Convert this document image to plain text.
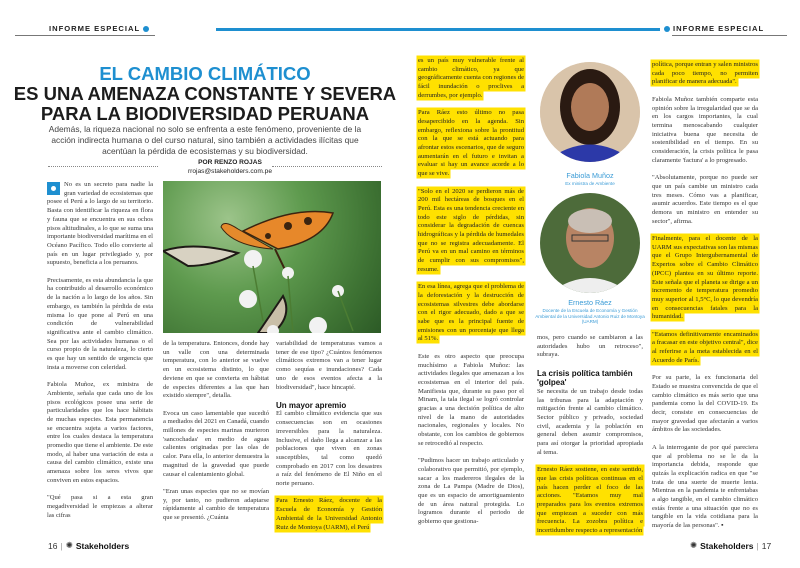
INFORME ESPECIAL	INFORME ESPECIAL
EL CAMBIO CLIMÁTICO
ES UNA AMENAZA CONSTANTE Y SEVERA
PARA LA BIODIVERSIDAD PERUANA
Además, la riqueza nacional no solo se enfrenta a este fenómeno, proveniente de la acción indirecta humana o del curso natural, sino también a actividades ilícitas que acentúan la pérdida de ecosistemas y su biodiversidad.
POR RENZO ROJAS
rrojas@stakeholders.com.pe	Fabiola Muñoz
Ex ministra de Ambiente
Ernesto Ráez
Docente de la Escuela de Economía y Gestión Ambiental de la Universidad Antonio Ruiz de Montoya (UARM)

No es un secreto para nadie la gran variedad de ecosistemas que posee el Perú a lo largo de su territorio. Basta con identificar la riqueza en flora y fauna que se encuentra en sus ochos pisos altitudinales, a lo que se suma una importante biodiversidad marítima en el Océano Pacífico. Todo ello convierte al país en un lugar privilegiado y, por supuesto, beneficia a los peruanos.

Precisamente, es esta abundancia la que ha contribuido al desarrollo económico de la nación a lo largo de los años. Sin embargo, es también la pérdida de esta misma lo que pone al Perú en una condición de vulnerabilidad significativa ante el cambio climático. Sea por las actividades humanas o el curso propio de la naturaleza, lo cierto es que hay un sentido de urgencia que insta a moverse con celeridad.

Fabiola Muñoz, ex ministra de Ambiente, señala que cada uno de los pisos ecológicos posee una serie de particularidades que los hace hábitats de muchas especies. Esta permanencia se encuentra sujeta a varios factores, entre los cuales destaca la temperatura promedio que tiene el ambiente. De este modo, al haber una variación de esta a causa del cambio climático, existe una amenaza sobre los seres vivos que conviven en estos espacios.

"Qué pasa si a esta gran megadiversidad le empiezas a alterar las cifras

de la temperatura. Entonces, donde hay un valle con una determinada temperatura, con lo anterior se vuelve en un ecosistema distinto, lo que deviene en que se convierta en hábitat de especies diferentes a las que han existido siempre", detalla.

Evoca un caso lamentable que sucedió a mediados del 2021 en Canadá, cuando millones de especies marinas murieron 'sancochadas' en medio de aguas calientes originadas por las olas de calor. Para ella, lo anterior demuestra la magnitud de la gravedad que puede causar el calentamiento global.

"Eran unas especies que no se movían y, por tanto, no pudieron adaptarse rápidamente al cambio de temperatura que se presentó. ¿Cuánta

variabilidad de temperaturas vamos a tener de ese tipo? ¿Cuántos fenómenos climáticos extremos van a tener lugar como sequías e inundaciones? Cada uno de esos eventos afecta a la biodiversidad", hace hincapié.

Un mayor apremio

El cambio climático evidencia que sus consecuencias son en ocasiones irreversibles para la naturaleza. Inclusive, el daño llega a alcanzar a las poblaciones que viven en zonas susceptibles, tal como quedó comprobado en 2017 con los desastres a raíz del fenómeno de El Niño en el norte peruano.

Para Ernesto Ráez, docente de la Escuela de Economía y Gestión Ambiental de la Universidad Antonio Ruiz de Montoya (UARM), el Perú

es un país muy vulnerable frente al cambio climático, ya que geográficamente cuenta con regiones de fácil inundación o proclives a derrumbes, por ejemplo.

Para Ráez esto último no pasa desapercibido en la agenda. Sin embargo, reflexiona sobre la prontitud con la que se está actuando para afrontar estos escenarios, que de seguro aumentarán en el futuro e invitan a evaluar si hay un avance acorde a lo que se vive.

"Solo en el 2020 se perdieron más de 200 mil hectáreas de bosques en el Perú. Esta es una tendencia creciente en todo este siglo de pérdidas, sin considerar la degradación de cuencas hidrográficas y la pérdida de humedales que no se registra adecuadamente. El Perú va en un mal camino en términos de cumplir con sus compromisos", resume.

En esa línea, agrega que el problema de la deforestación y la destrucción de ecosistemas silvestres debe abordarse con el rigor adecuado, dado a que se sabe que es la principal fuente de emisiones con un porcentaje que llega al 51%.

Este es otro aspecto que preocupa muchísimo a Fabiola Muñoz: las actividades ilegales que amenazan a los ecosistemas en el interior del país. Manifiesta que, durante su paso por el Minam, la tala ilegal se logró controlar gracias a una decisión política de alto nivel de la mano de autoridades nacionales, regionales y locales. No obstante, con los cambios de gobiernos se retrocedió al respecto.

"Pudimos hacer un trabajo articulado y colaborativo que permitió, por ejemplo, sacar a los madereros ilegales de la zona de La Pampa (Madre de Dios), que es un espacio de amortiguamiento de un área natural protegida. Lo logramos durante el periodo de gobierno que gestiona-

mos, pero cuando se cambiaron a las autoridades hubo un retroceso", subraya.

La crisis política también 'golpea'

Se necesita de un trabajo desde todas las tribunas para la adaptación y mitigación frente al cambio climático. Sector público y privado, sociedad civil, academia y la población en general deben asumir compromisos, para así otorgar la prioridad apropiada al tema.

Ernesto Ráez sostiene, en este sentido, que las crisis políticas continuas en el país hacen perder el foco de las acciones. "Estamos muy mal preparados para los eventos extremos que empiezan a suceder con más frecuencia. La zozobra política e incertidumbre respecto a representación

política, porque entran y salen ministros cada poco tiempo, no permiten planificar de manera adecuada".

Fabiola Muñoz también comparte esta opinión sobre la irregularidad que se da en los cargos importantes, la cual termina menoscabando cualquier iniciativa buena que necesita de sostenibilidad en el tiempo. En su consideración, la crisis política le pasa claramente 'factura' a lo progresado.

"Absolutamente, porque no puede ser que un país cambie un ministro cada tres meses. Cómo vas a planificar, asumir acuerdos. Este tiempo es el que demora un ministro en entender su sector", afirma.

Finalmente, para el docente de la UARM sus expectativas son las mismas que el Grupo Intergubernamental de Expertos sobre el Cambio Climático (IPCC) plantea en su último reporte. Este señala que el planeta se dirige a un incremento de temperatura promedio muy superior al 1,5°C, lo que devendría en consecuencias fatales para la humanidad.

"Estamos definitivamente encaminados a fracasar en este objetivo central", dice al referirse a la meta establecida en el Acuerdo de París.

Por su parte, la ex funcionaria del Estado se muestra convencida de que el cambio climático es más serio que una pandemia como la del COVID-19. Es decir, consiste en consecuencias de mayor gravedad que afectarán a varios ámbitos de las sociedades.

A la interrogante de por qué pareciera que al problema no se le da la importancia debida, responde que quizás la explicación radica en que "se trata de una suerte de muerte lenta. Mientras en la pandemia te enfrentabas a algo tangible, en el cambio climático estás frente a una situación que no es tangible en la vida cotidiana para la mayoría de las personas". ▪

16 | ✺ Stakeholders	✺ Stakeholders | 17
